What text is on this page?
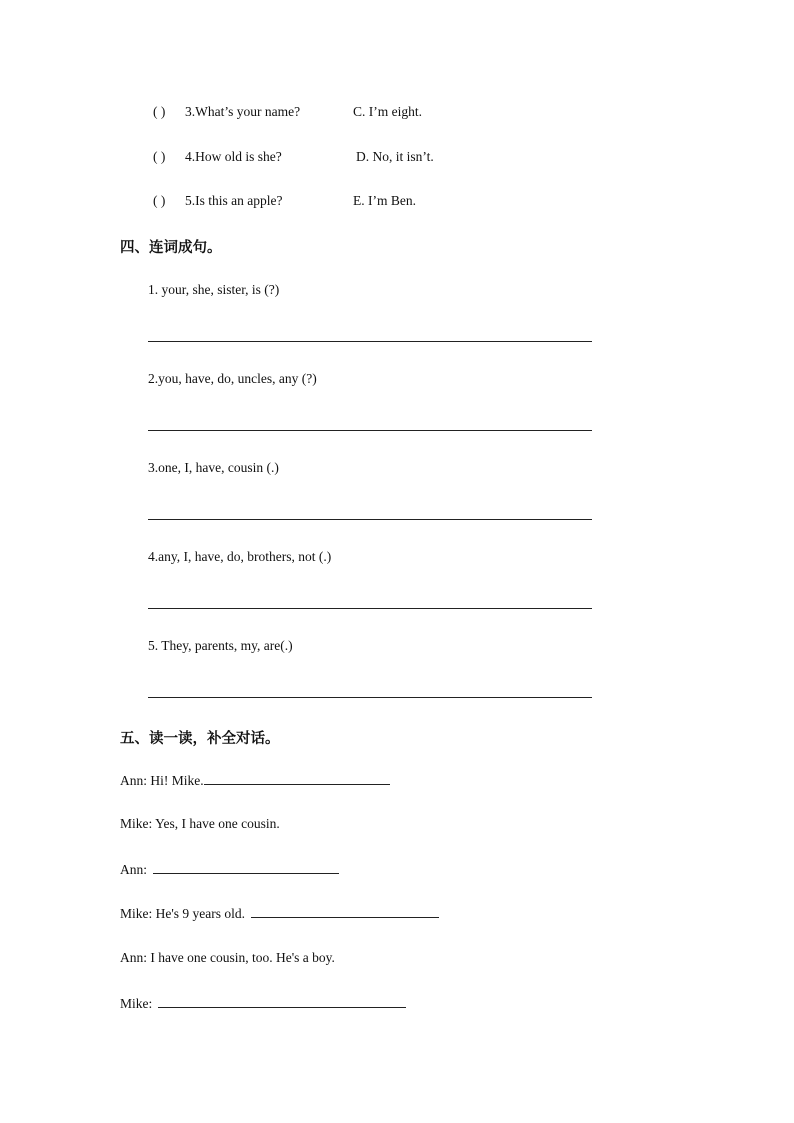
( ) 3.What’s your name?	C. I’m eight.
( ) 4.How old is she?	D. No, it isn’t.
( ) 5.Is this an apple?	E. I’m Ben.
四、连词成句。
1. your, she, sister, is (?)
2.you, have, do, uncles, any (?)
3.one, I, have, cousin (.)
4.any, I, have, do, brothers, not (.)
5. They, parents, my, are(.)
五、读一读，补全对话。
Ann: Hi! Mike.
Mike: Yes, I have one cousin.
Ann:
Mike: He's 9 years old.
Ann: I have one cousin, too. He's a boy.
Mike:
